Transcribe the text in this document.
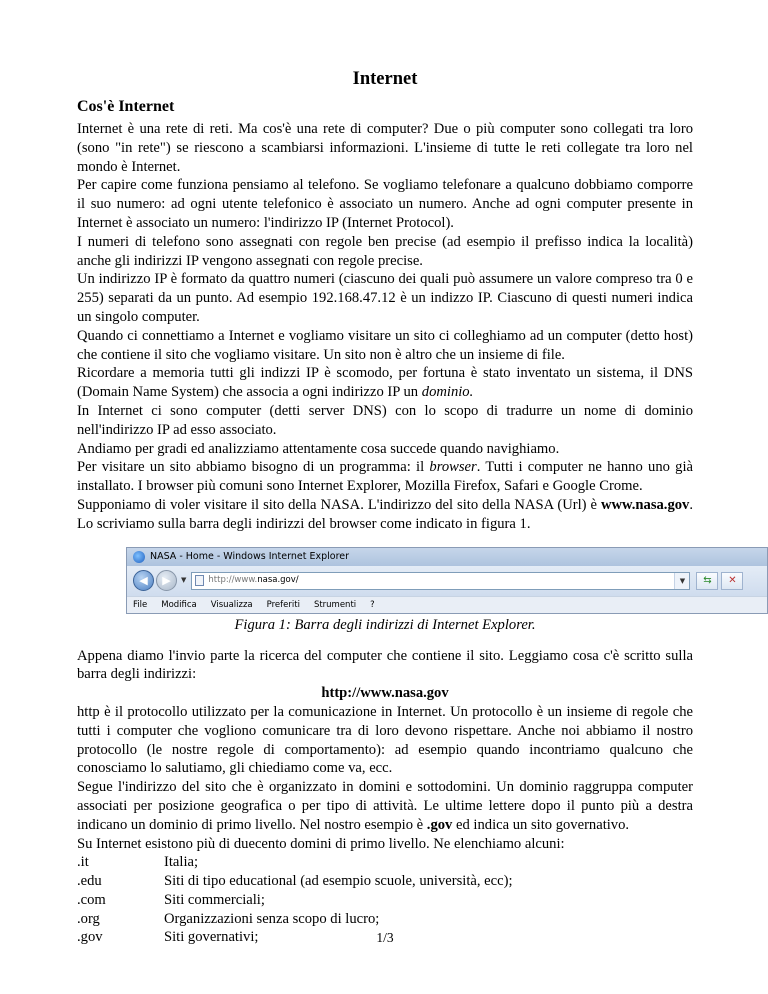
Internet
Cos'è Internet

Internet è una rete di reti. Ma cos'è una rete di computer? Due o più computer sono collegati tra loro (sono "in rete") se riescono a scambiarsi informazioni. L'insieme di tutte le reti collegate tra loro nel mondo è Internet.

Per capire come funziona pensiamo al telefono. Se vogliamo telefonare a qualcuno dobbiamo comporre il suo numero: ad ogni utente telefonico è associato un numero. Anche ad ogni computer presente in Internet è associato un numero: l'indirizzo IP (Internet Protocol).

I numeri di telefono sono assegnati con regole ben precise (ad esempio il prefisso indica la località) anche gli indirizzi IP vengono assegnati con regole precise.

Un indirizzo IP è formato da quattro numeri (ciascuno dei quali può assumere un valore compreso tra 0 e 255) separati da un punto. Ad esempio 192.168.47.12 è un indizzo IP. Ciascuno di questi numeri indica un singolo computer.

Quando ci connettiamo a Internet e vogliamo visitare un sito ci colleghiamo ad un computer (detto host) che contiene il sito che vogliamo visitare. Un sito non è altro che un insieme di file.

Ricordare a memoria tutti gli indizzi IP è scomodo, per fortuna è stato inventato un sistema, il DNS (Domain Name System) che associa a ogni indirizzo IP un dominio.

In Internet ci sono computer (detti server DNS) con lo scopo di tradurre un nome di dominio nell'indirizzo IP ad esso associato.

Andiamo per gradi ed analizziamo attentamente cosa succede quando navighiamo.

Per visitare un sito abbiamo bisogno di un programma: il browser. Tutti i computer ne hanno uno già installato. I browser più comuni sono Internet Explorer, Mozilla Firefox, Safari e Google Crome.

Supponiamo di voler visitare il sito della NASA. L'indirizzo del sito della NASA (Url) è www.nasa.gov. Lo scriviamo sulla barra degli indirizzi del browser come indicato in figura 1.

NASA - Home - Windows Internet Explorer
◀	▶	▼	http://www. nasa.gov/	▼	⇆	✕
File Modifica Visualizza Preferiti Strumenti ?
Figura 1: Barra degli indirizzi di Internet Explorer.

Appena diamo l'invio parte la ricerca del computer che contiene il sito. Leggiamo cosa c'è scritto sulla barra degli indirizzi:

http://www.nasa.gov

http è il protocollo utilizzato per la comunicazione in Internet. Un protocollo è un insieme di regole che tutti i computer che vogliono comunicare tra di loro devono rispettare. Anche noi abbiamo il nostro protocollo (le nostre regole di comportamento): ad esempio quando incontriamo qualcuno che conosciamo lo salutiamo, gli chiediamo come va, ecc.

Segue l'indirizzo del sito che è organizzato in domini e sottodomini. Un dominio raggruppa computer associati per posizione geografica o per tipo di attività. Le ultime lettere dopo il punto più a destra indicano un dominio di primo livello. Nel nostro esempio è .gov ed indica un sito governativo.

Su Internet esistono più di duecento domini di primo livello. Ne elenchiamo alcuni:

.it	Italia;
.edu	Siti di tipo educational (ad esempio scuole, università, ecc);
.com	Siti commerciali;
.org	Organizzazioni senza scopo di lucro;
.gov	Siti governativi;	1/3
